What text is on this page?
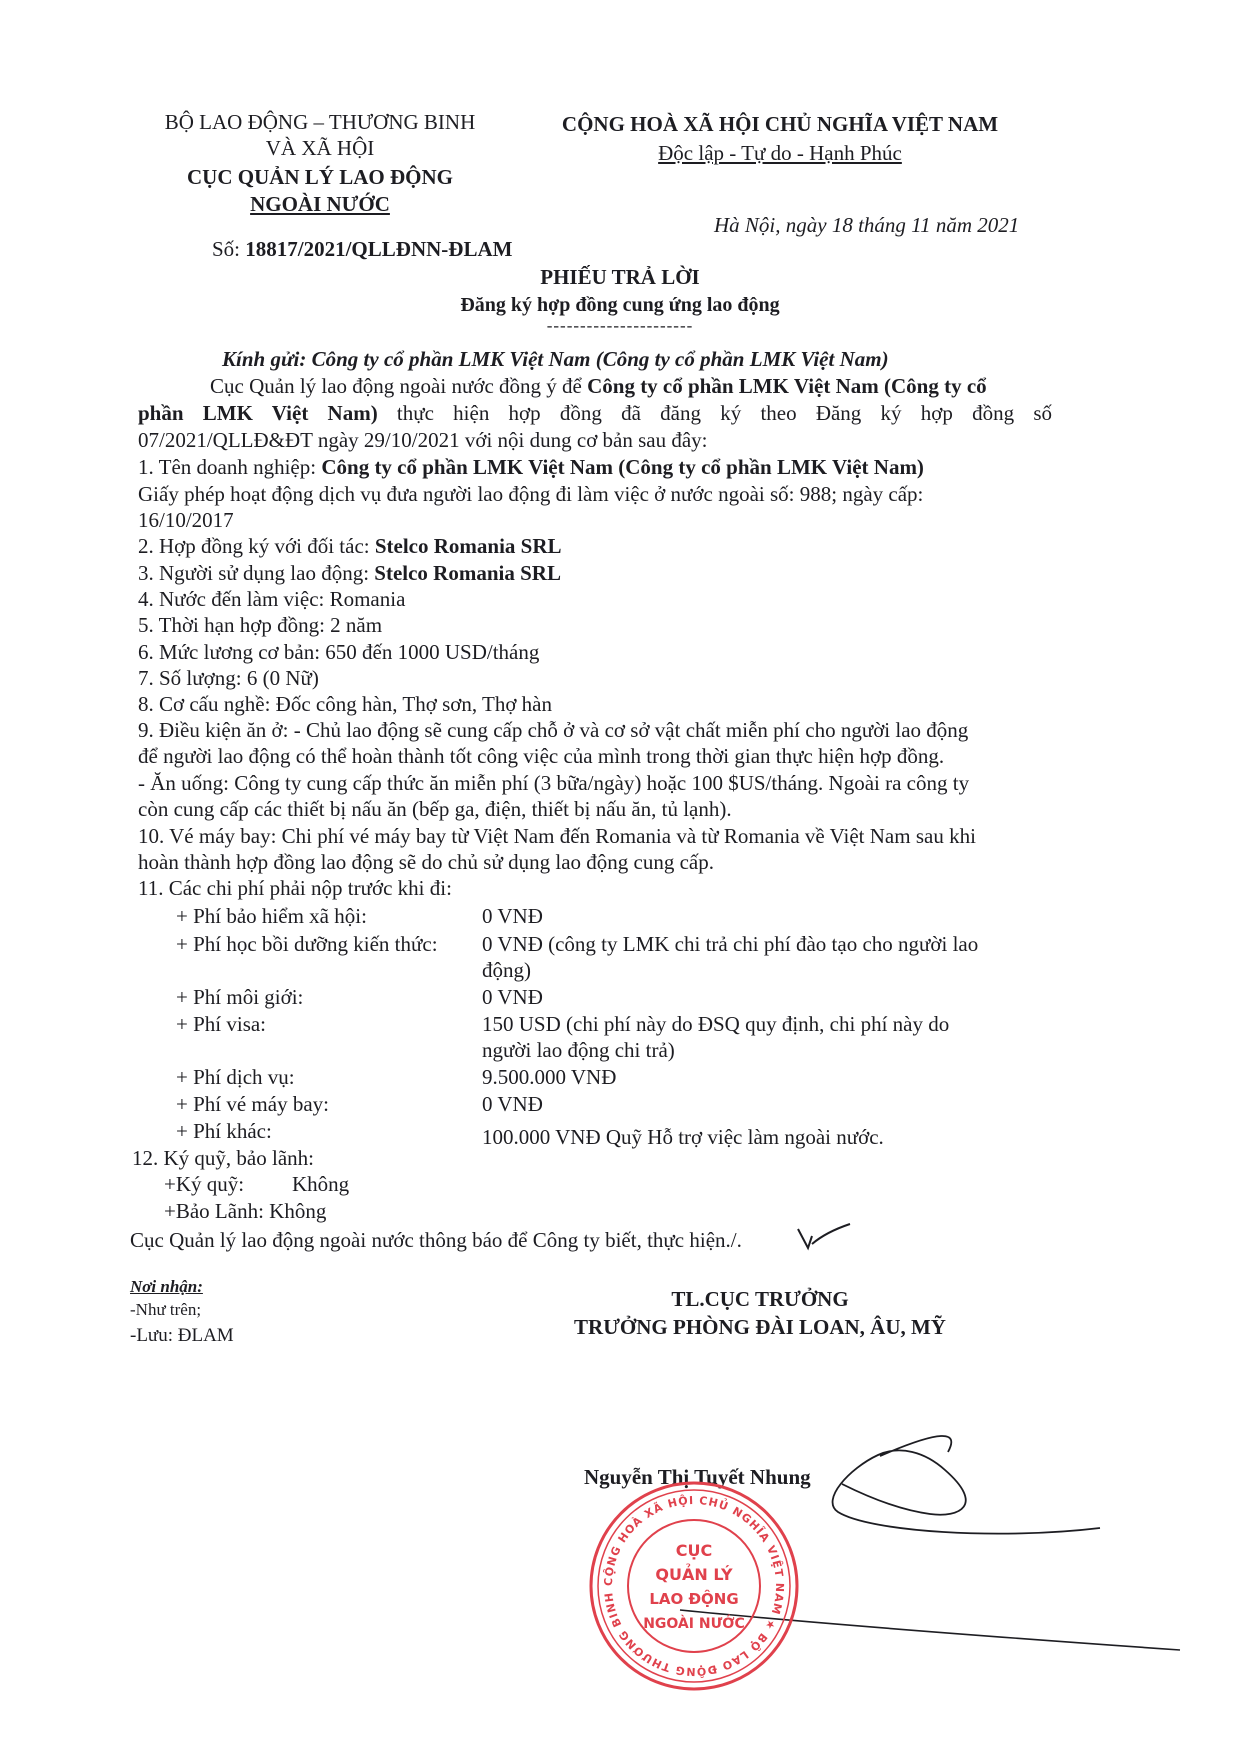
BỘ LAO ĐỘNG – THƯƠNG BINH
VÀ XÃ HỘI
CỤC QUẢN LÝ LAO ĐỘNG
NGOÀI NƯỚC
Số: 18817/2021/QLLĐNN-ĐLAM
CỘNG HOÀ XÃ HỘI CHỦ NGHĨA VIỆT NAM
Độc lập - Tự do - Hạnh Phúc
Hà Nội, ngày 18 tháng 11 năm 2021
PHIẾU TRẢ LỜI
Đăng ký hợp đồng cung ứng lao động
----------------------
Kính gửi: Công ty cổ phần LMK Việt Nam (Công ty cổ phần LMK Việt Nam)
Cục Quản lý lao động ngoài nước đồng ý để Công ty cổ phần LMK Việt Nam (Công ty cổ
phần LMK Việt Nam) thực hiện hợp đồng đã đăng ký theo Đăng ký hợp đồng số
07/2021/QLLĐ&ĐT ngày 29/10/2021 với nội dung cơ bản sau đây:
1. Tên doanh nghiệp: Công ty cổ phần LMK Việt Nam (Công ty cổ phần LMK Việt Nam)
Giấy phép hoạt động dịch vụ đưa người lao động đi làm việc ở nước ngoài số: 988; ngày cấp:
16/10/2017
2. Hợp đồng ký với đối tác: Stelco Romania SRL
3. Người sử dụng lao động: Stelco Romania SRL
4. Nước đến làm việc: Romania
5. Thời hạn hợp đồng: 2 năm
6. Mức lương cơ bản: 650 đến 1000 USD/tháng
7. Số lượng: 6 (0 Nữ)
8. Cơ cấu nghề: Đốc công hàn, Thợ sơn, Thợ hàn
9. Điều kiện ăn ở: - Chủ lao động sẽ cung cấp chỗ ở và cơ sở vật chất miễn phí cho người lao động
để người lao động có thể hoàn thành tốt công việc của mình trong thời gian thực hiện hợp đồng.
- Ăn uống: Công ty cung cấp thức ăn miễn phí (3 bữa/ngày) hoặc 100 $US/tháng. Ngoài ra công ty
còn cung cấp các thiết bị nấu ăn (bếp ga, điện, thiết bị nấu ăn, tủ lạnh).
10. Vé máy bay: Chi phí vé máy bay từ Việt Nam đến Romania và từ Romania về Việt Nam sau khi
hoàn thành hợp đồng lao động sẽ do chủ sử dụng lao động cung cấp.
11. Các chi phí phải nộp trước khi đi:
+ Phí bảo hiểm xã hội:	0 VNĐ
+ Phí học bồi dưỡng kiến thức: 0 VNĐ (công ty LMK chi trả chi phí đào tạo cho người lao
động)
+ Phí môi giới:	0 VNĐ
+ Phí visa:	150 USD (chi phí này do ĐSQ quy định, chi phí này do
người lao động chi trả)
+ Phí dịch vụ:	9.500.000 VNĐ
+ Phí vé máy bay:	0 VNĐ
+ Phí khác:	100.000 VNĐ Quỹ Hỗ trợ việc làm ngoài nước.
12. Ký quỹ, bảo lãnh:
+Ký quỹ: Không
+Bảo Lãnh: Không
Cục Quản lý lao động ngoài nước thông báo để Công ty biết, thực hiện./.
Nơi nhận:
-Như trên;
-Lưu: ĐLAM
TL.CỤC TRƯỞNG
TRƯỞNG PHÒNG ĐÀI LOAN, ÂU, MỸ
Nguyễn Thị Tuyết Nhung
CỘNG HOÀ XÃ HỘI CHỦ NGHĨA VIỆT NAM ★ BỘ LAO ĐỘNG THƯƠNG BINH
CỤC
QUẢN LÝ
LAO ĐỘNG
NGOÀI NƯỚC
